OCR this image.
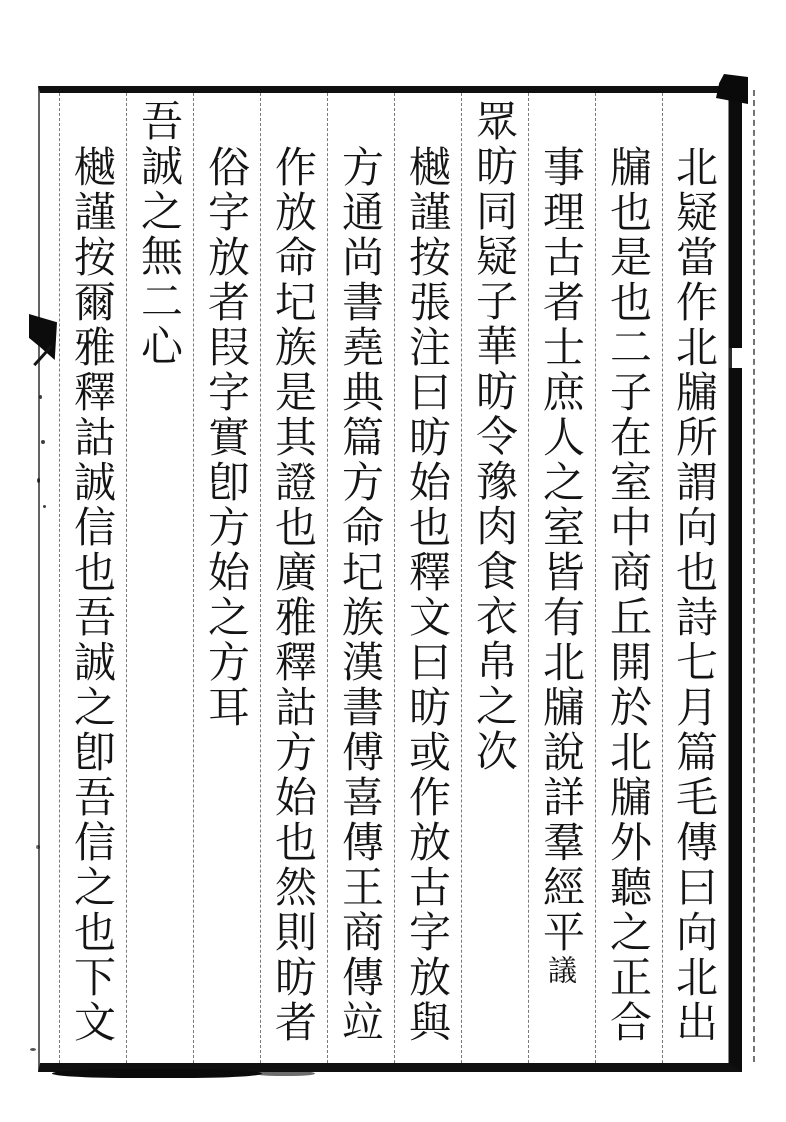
北疑當作北牖所謂向也詩七月篇毛傳曰向北出
牖也是也二子在室中商丘開於北牖外聽之正合
事理古者士庶人之室皆有北牖說詳羣經平議
眾昉同疑子華昉令豫肉食衣帛之次
樾謹按張注曰昉始也釋文曰昉或作放古字放與
方通尚書堯典篇方命圮族漢書傅喜傳王商傳竝
作放命圮族是其證也廣雅釋詁方始也然則昉者
俗字放者叚字實卽方始之方耳
吾誠之無二心
樾謹按爾雅釋詁誠信也吾誠之卽吾信之也下文
